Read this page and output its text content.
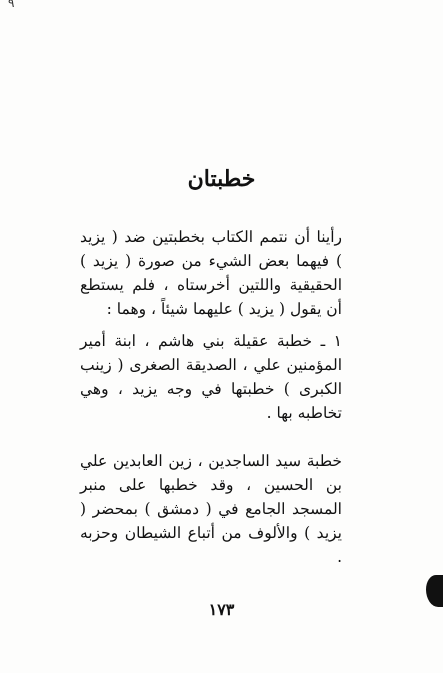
٩
خطبتان

رأينا أن نتمم الكتاب بخطبتين ضد ( يزيد ) فيهما بعض الشيء من صورة ( يزيد ) الحقيقية واللتين أخرستاه ، فلم يستطع أن يقول ( يزيد ) عليهما شيئاً ، وهما :

١ ـ خطبة عقيلة بني هاشم ، ابنة أمير المؤمنين علي ، الصديقة الصغرى ( زينب الكبرى ) خطبتها في وجه يزيد ، وهي تخاطبه بها .

خطبة سيد الساجدين ، زين العابدين علي بن الحسين ، وقد خطبها على منبر المسجد الجامع في ( دمشق ) بمحضر ( يزيد ) والألوف من أتباع الشيطان وحزبه .

١٧٣
